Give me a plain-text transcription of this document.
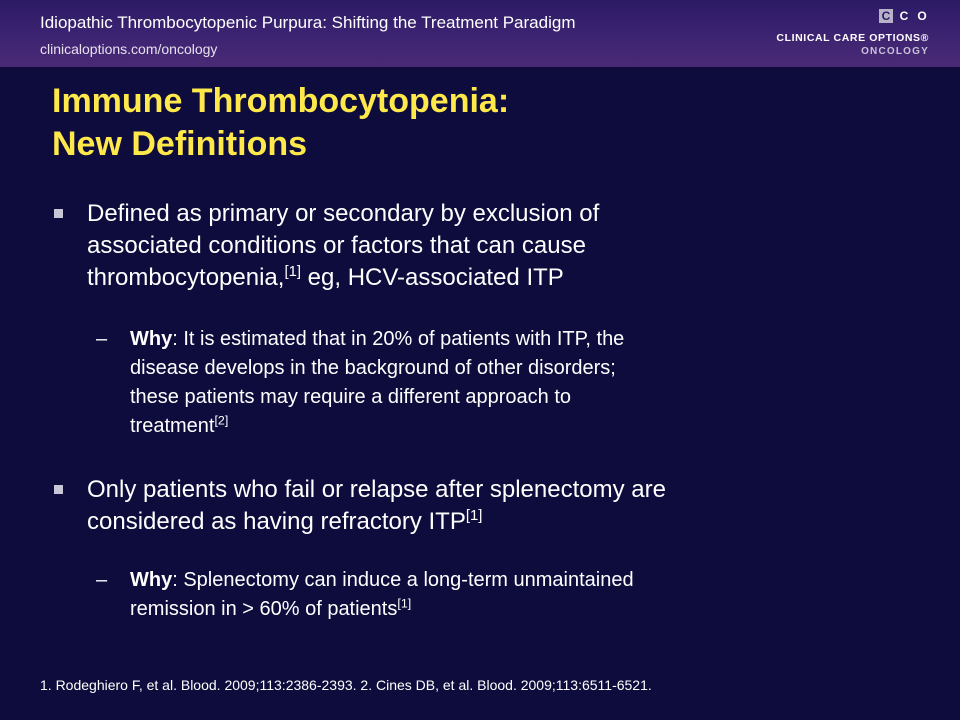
Idiopathic Thrombocytopenic Purpura: Shifting the Treatment Paradigm
clinicaloptions.com/oncology
C C O
CLINICAL CARE OPTIONS®
ONCOLOGY
Immune Thrombocytopenia:
New Definitions
Defined as primary or secondary by exclusion of
associated conditions or factors that can cause
thrombocytopenia,[1] eg, HCV-associated ITP
– Why: It is estimated that in 20% of patients with ITP, the
disease develops in the background of other disorders;
these patients may require a different approach to
treatment[2]
Only patients who fail or relapse after splenectomy are
considered as having refractory ITP[1]
– Why: Splenectomy can induce a long-term unmaintained
remission in > 60% of patients[1]
1. Rodeghiero F, et al. Blood. 2009;113:2386-2393. 2. Cines DB, et al. Blood. 2009;113:6511-6521.
